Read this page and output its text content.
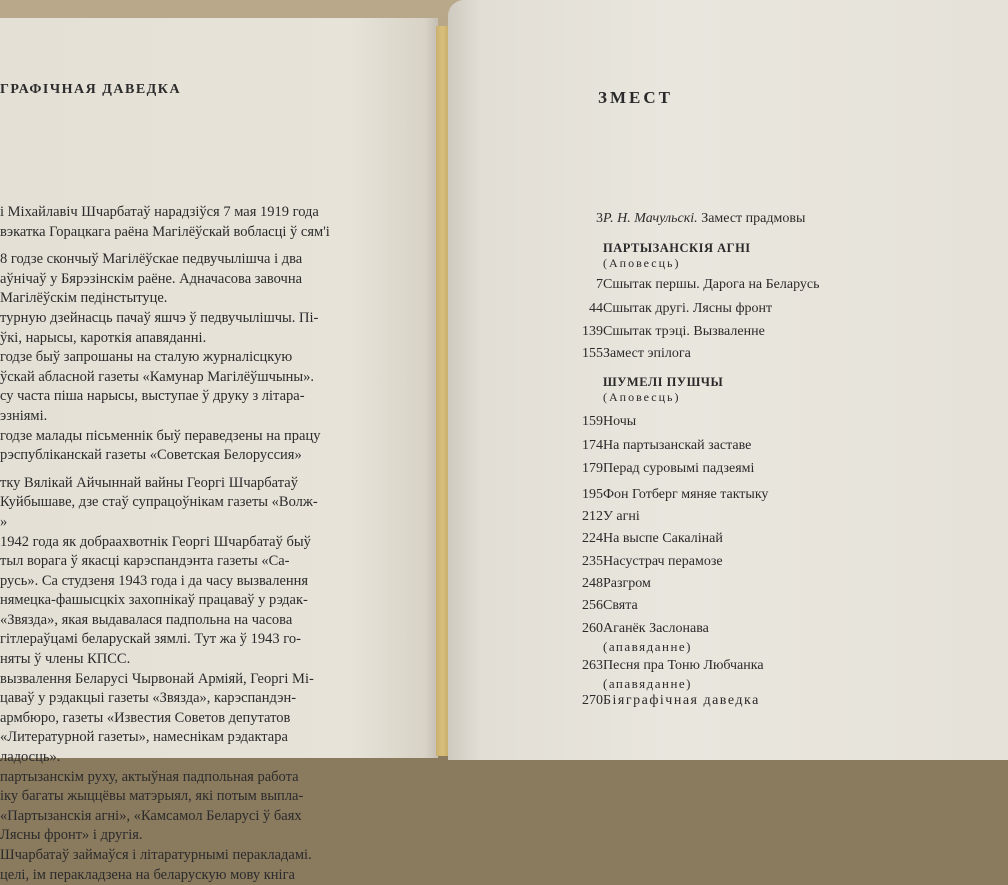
ГРАФІЧНАЯ ДАВЕДКА
і Міхайлавіч Шчарбатаў нарадзіўся 7 мая 1919 года
вэкатка Горацкага раёна Магілёўскай вобласці ў сям'і
8 годзе скончыў Магілёўскае педвучылішча і два
аўнічаў у Бярэзінскім раёне. Адначасова завочна
Магілёўскім педінстытуце.
турную дзейнасць пачаў яшчэ ў педвучылішчы. Пі-
ўкі, нарысы, кароткія апавяданні.
годзе быў запрошаны на сталую журналісцкую
ўскай абласной газеты «Камунар Магілёўшчыны».
су часта піша нарысы, выступае ў друку з літара-
эзніямі.
годзе малады пісьменнік быў пераведзены на працу
рэспубліканскай газеты «Советская Белоруссия»
тку Вялікай Айчыннай вайны Георгі Шчарбатаў
Куйбышаве, дзе стаў супрацоўнікам газеты «Волж-
»
1942 года як добраахвотнік Георгі Шчарбатаў быў
тыл ворага ў якасці карэспандэнта газеты «Са-
русь». Са студзеня 1943 года і да часу вызвалення
нямецка-фашысцкіх захопнікаў працаваў у рэдак-
«Звязда», якая выдавалася падпольна на часова
гітлераўцамі беларускай зямлі. Тут жа ў 1943 го-
няты ў члены КПСС.
вызвалення Беларусі Чырвонай Арміяй, Георгі Мі-
цаваў у рэдакцыі газеты «Звязда», карэспандэн-
армбюро, газеты «Известия Советов депутатов
«Литературной газеты», намеснікам рэдактара
ладосць».
партызанскім руху, актыўная падпольная работа
іку багаты жыццёвы матэрыял, які потым выпла-
«Партызанскія агні», «Камсамол Беларусі ў баях
Лясны фронт» і другія.
Шчарбатаў займаўся і літаратурнымі перакладамі.
целі, ім перакладзена на беларускую мову кніга
ЗМЕСТ
3 Р. Н. Мачульскі. Замест прадмовы
ПАРТЫЗАНСКІЯ АГНІ
(Аповесць)
7 Сшытак першы. Дарога на Беларусь
44 Сшытак другі. Лясны фронт
139 Сшытак трэці. Вызваленне
155 Замест эпілога
ШУМЕЛІ ПУШЧЫ
(Аповесць)
159 Ночы
174 На партызанскай заставе
179 Перад суровымі падзеямі
195 Фон Готберг мяняе тактыку
212 У агні
224 На выспе Сакалінай
235 Насустрач перамозе
248 Разгром
256 Свята
260 Аганёк Заслонава
(апавяданне)
263 Песня пра Тоню Любчанка
(апавяданне)
270 Біяграфічная даведка
